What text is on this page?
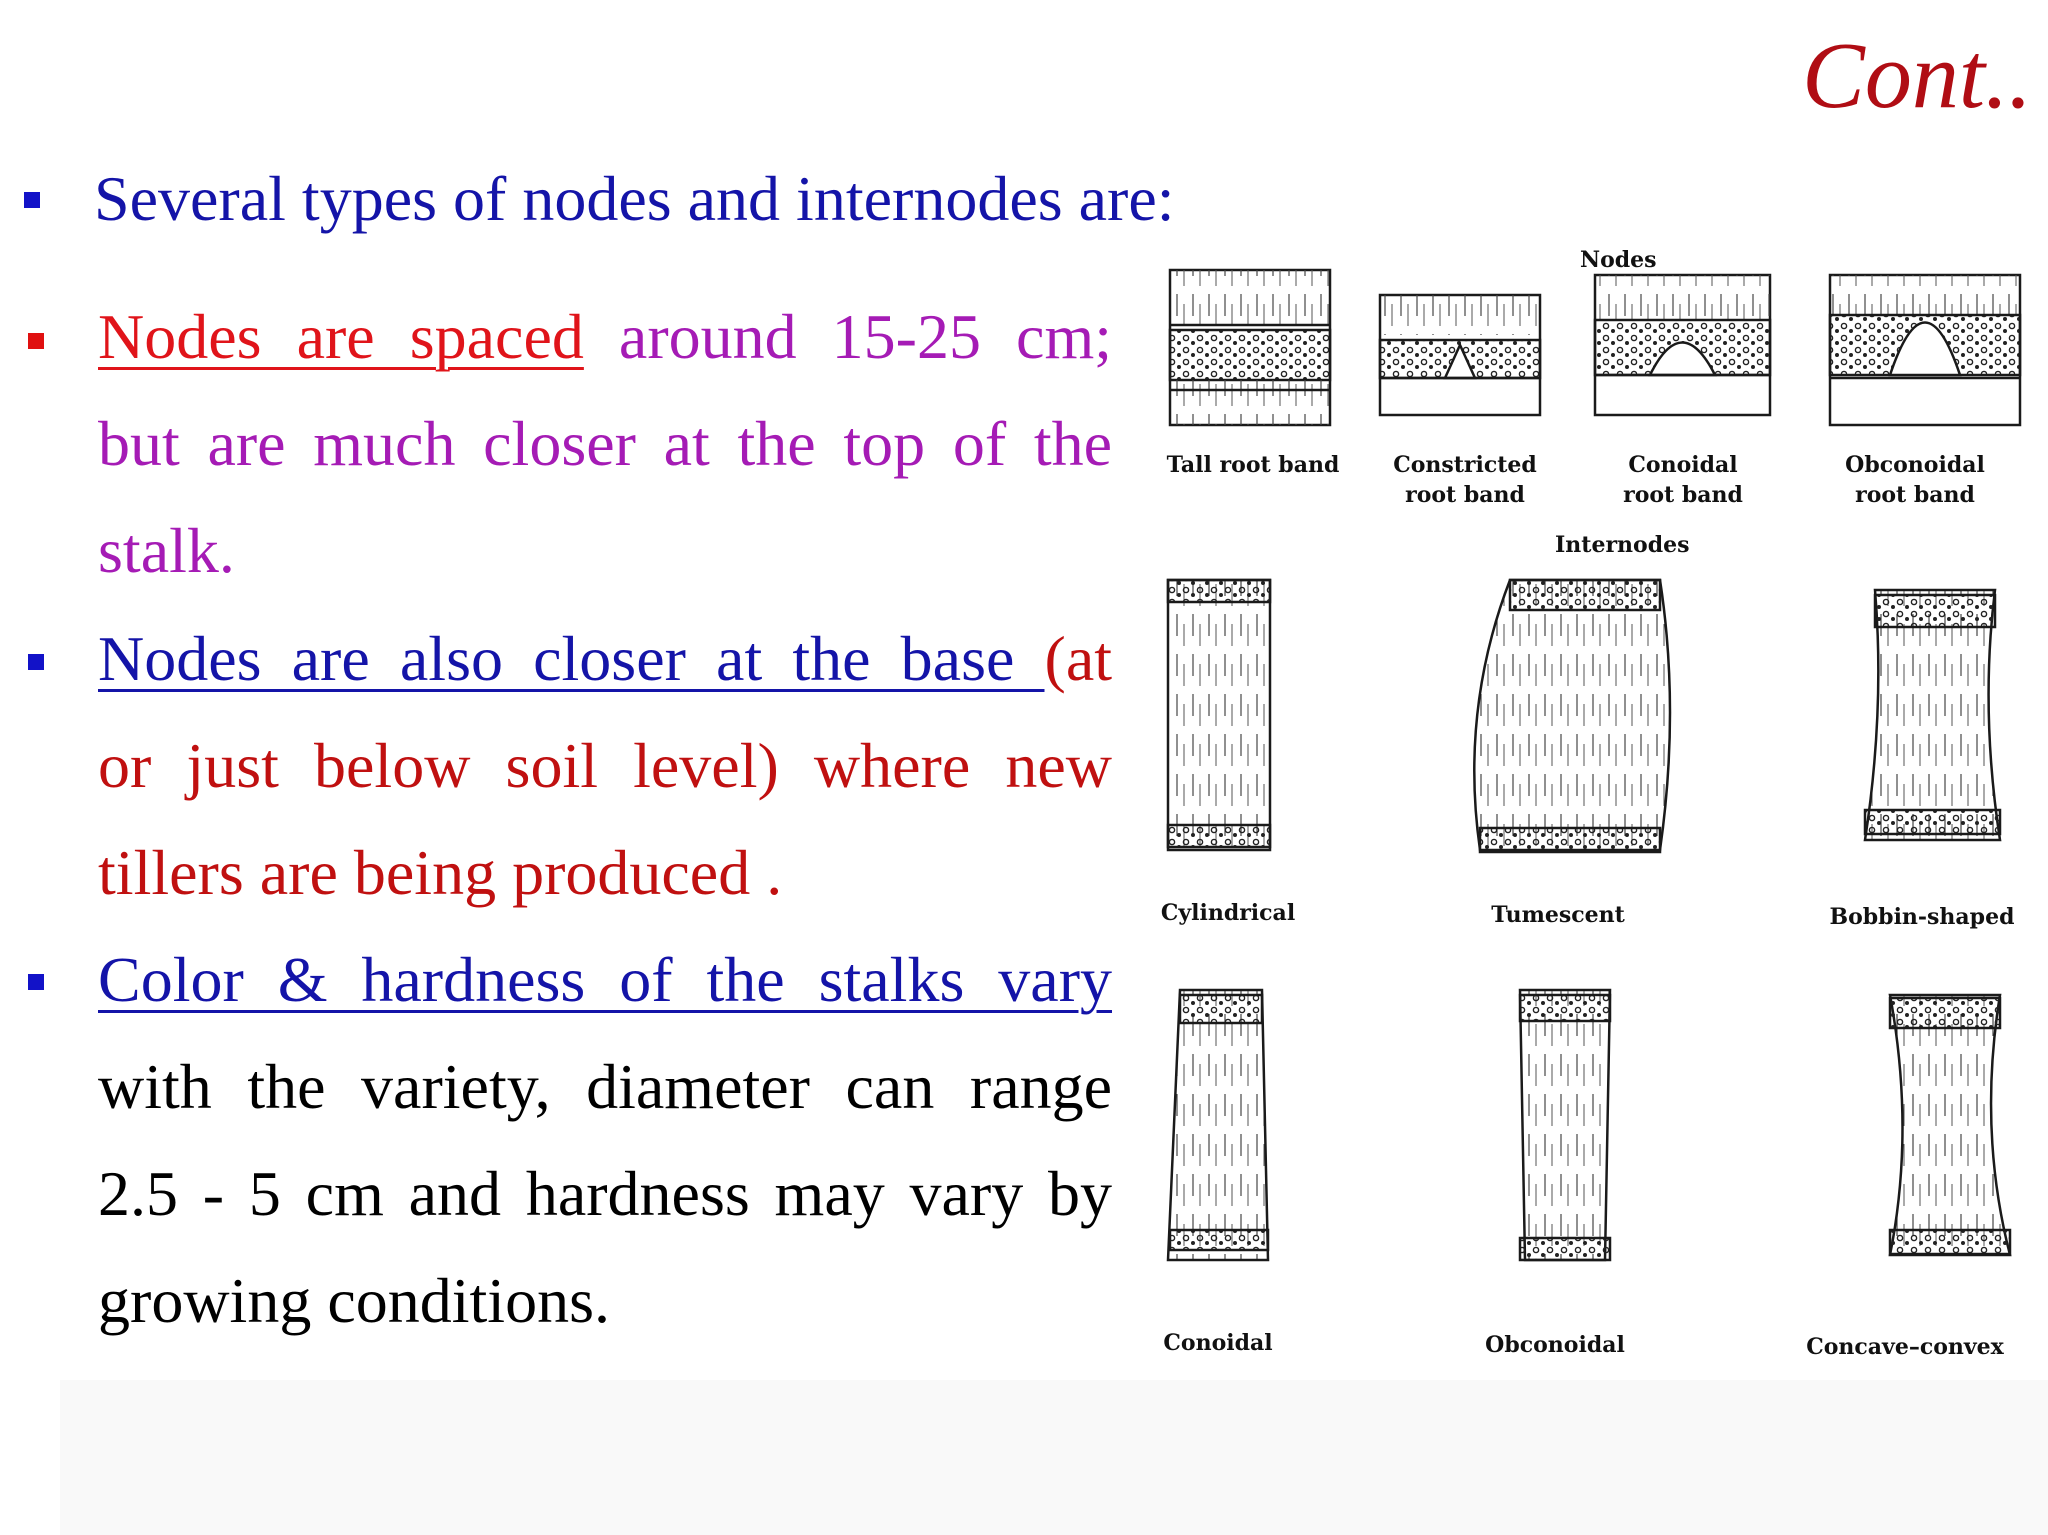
Cont..
Several types of nodes and internodes are:
Nodes are spaced around 15-25 cm;
but are much closer at the top of the
stalk.
Nodes are also closer at the base (at
or just below soil level) where new
tillers are being produced .
Color & hardness of the stalks vary
with the variety, diameter can range
2.5 - 5 cm and hardness may vary by
growing conditions.
Nodes
Tall root band Constricted
root band
Conoidal
root band
Obconoidal
root band
Internodes
Cylindrical	Tumescent	Bobbin-shaped
Conoidal	Obconoidal	Concave–convex
